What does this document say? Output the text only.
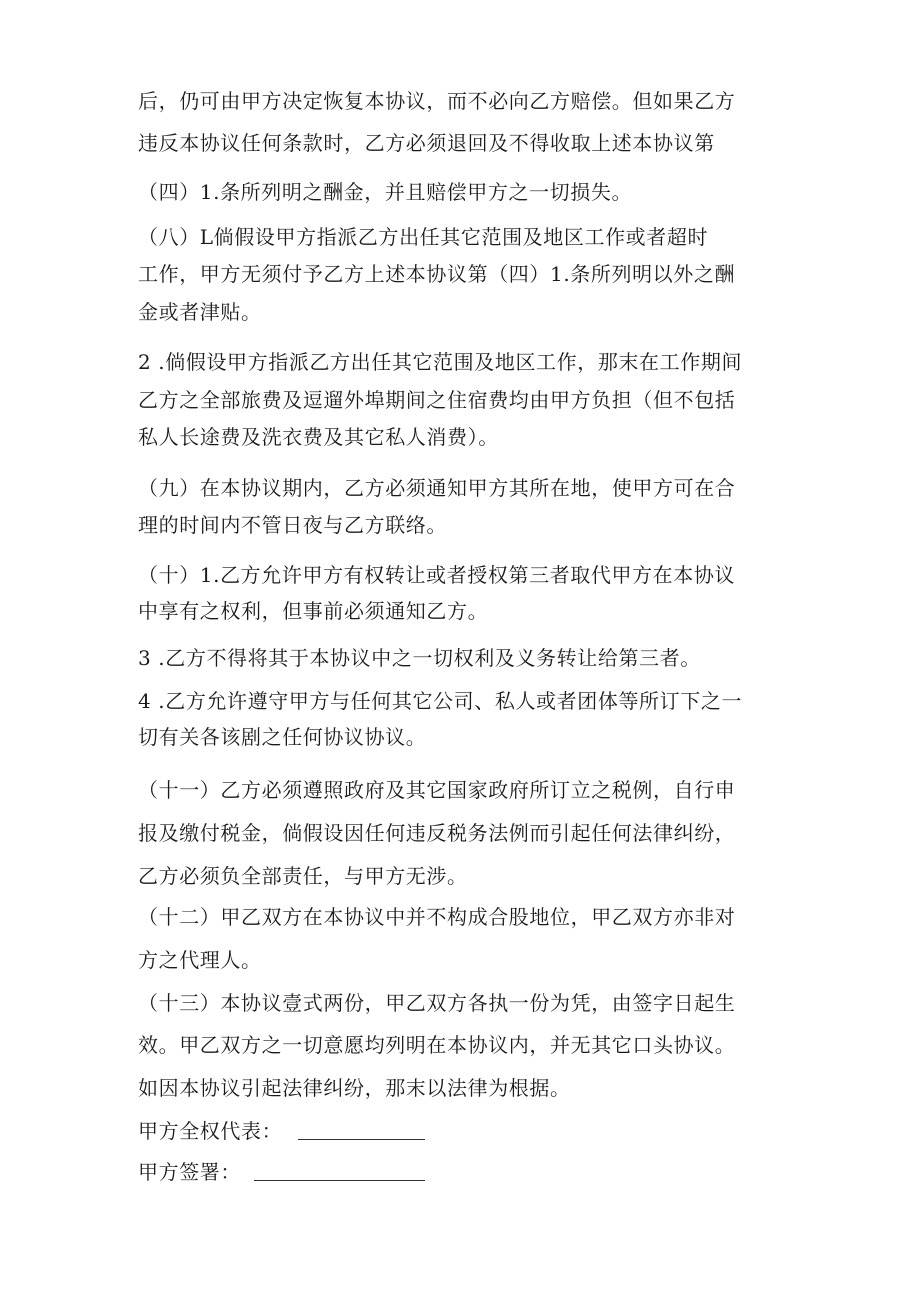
后，仍可由甲方决定恢复本协议，而不必向乙方赔偿。但如果乙方
违反本协议任何条款时，乙方必须退回及不得收取上述本协议第
（四）1.条所列明之酬金，并且赔偿甲方之一切损失。
（八）L倘假设甲方指派乙方出任其它范围及地区工作或者超时
工作，甲方无须付予乙方上述本协议第（四）1.条所列明以外之酬
金或者津贴。
2 .倘假设甲方指派乙方出任其它范围及地区工作，那末在工作期间
乙方之全部旅费及逗遛外埠期间之住宿费均由甲方负担（但不包括
私人长途费及洗衣费及其它私人消费）。
（九）在本协议期内，乙方必须通知甲方其所在地，使甲方可在合
理的时间内不管日夜与乙方联络。
（十）1.乙方允许甲方有权转让或者授权第三者取代甲方在本协议
中享有之权利，但事前必须通知乙方。
3 .乙方不得将其于本协议中之一切权利及义务转让给第三者。
4 .乙方允许遵守甲方与任何其它公司、私人或者团体等所订下之一
切有关各该剧之任何协议协议。
（十一）乙方必须遵照政府及其它国家政府所订立之税例，自行申
报及缴付税金，倘假设因任何违反税务法例而引起任何法律纠纷，
乙方必须负全部责任，与甲方无涉。
（十二）甲乙双方在本协议中并不构成合股地位，甲乙双方亦非对
方之代理人。
（十三）本协议壹式两份，甲乙双方各执一份为凭，由签字日起生
效。甲乙双方之一切意愿均列明在本协议内，并无其它口头协议。
如因本协议引起法律纠纷，那末以法律为根据。
甲方全权代表：
甲方签署：
